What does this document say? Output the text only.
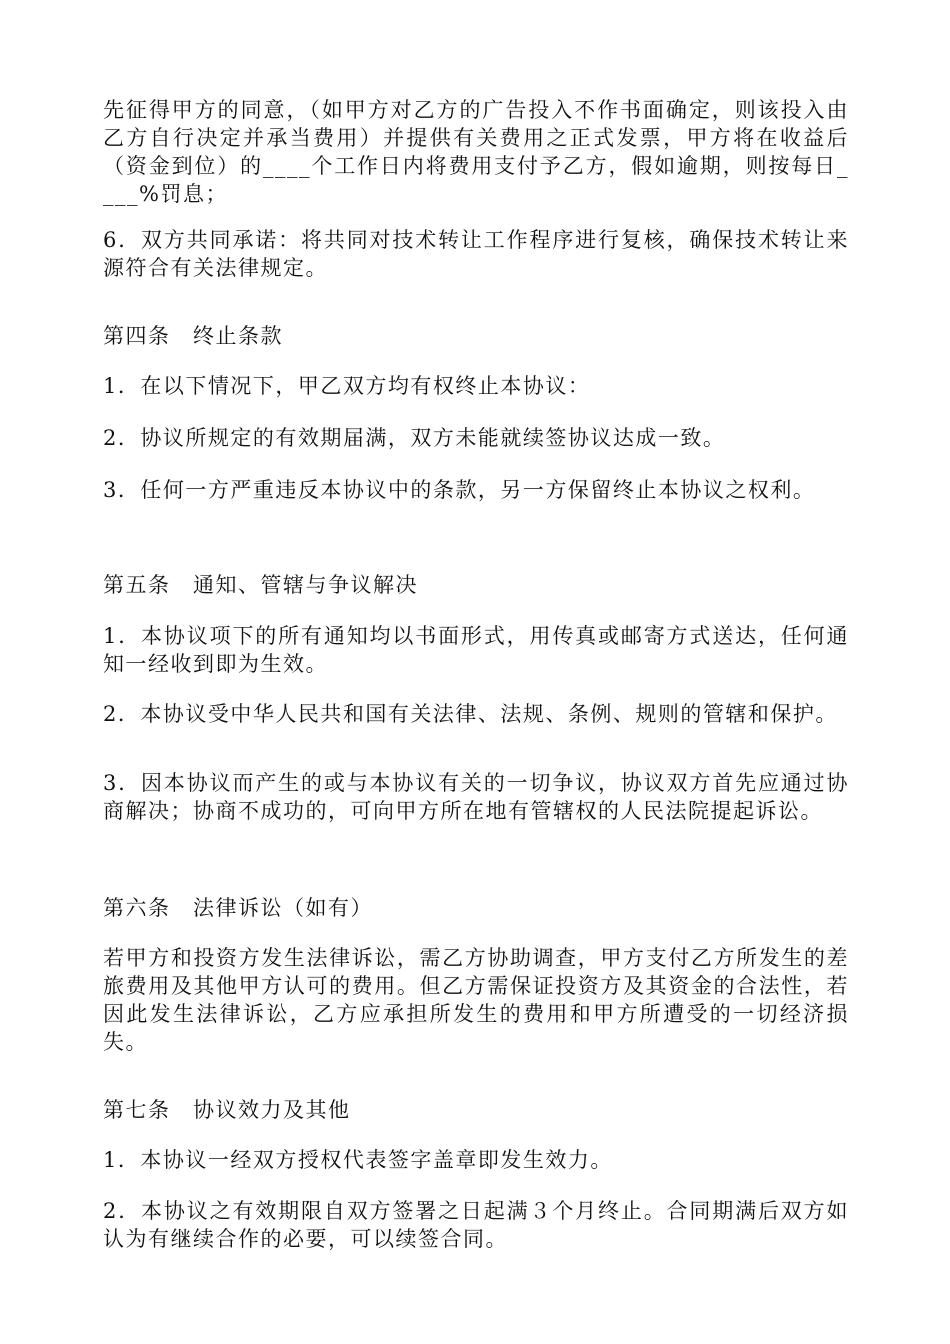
先征得甲方的同意，（如甲方对乙方的广告投入不作书面确定，则该投入由乙方自行决定并承当费用）并提供有关费用之正式发票，甲方将在收益后（资金到位）的____个工作日内将费用支付予乙方，假如逾期，则按每日____%罚息；

6．双方共同承诺：将共同对技术转让工作程序进行复核，确保技术转让来源符合有关法律规定。

第四条　终止条款

1．在以下情况下，甲乙双方均有权终止本协议：

2．协议所规定的有效期届满，双方未能就续签协议达成一致。

3．任何一方严重违反本协议中的条款，另一方保留终止本协议之权利。

第五条　通知、管辖与争议解决

1．本协议项下的所有通知均以书面形式，用传真或邮寄方式送达，任何通知一经收到即为生效。

2．本协议受中华人民共和国有关法律、法规、条例、规则的管辖和保护。

3．因本协议而产生的或与本协议有关的一切争议，协议双方首先应通过协商解决；协商不成功的，可向甲方所在地有管辖权的人民法院提起诉讼。

第六条　法律诉讼（如有）

若甲方和投资方发生法律诉讼，需乙方协助调查，甲方支付乙方所发生的差旅费用及其他甲方认可的费用。但乙方需保证投资方及其资金的合法性，若因此发生法律诉讼，乙方应承担所发生的费用和甲方所遭受的一切经济损失。

第七条　协议效力及其他

1．本协议一经双方授权代表签字盖章即发生效力。

2．本协议之有效期限自双方签署之日起满３个月终止。合同期满后双方如认为有继续合作的必要，可以续签合同。
